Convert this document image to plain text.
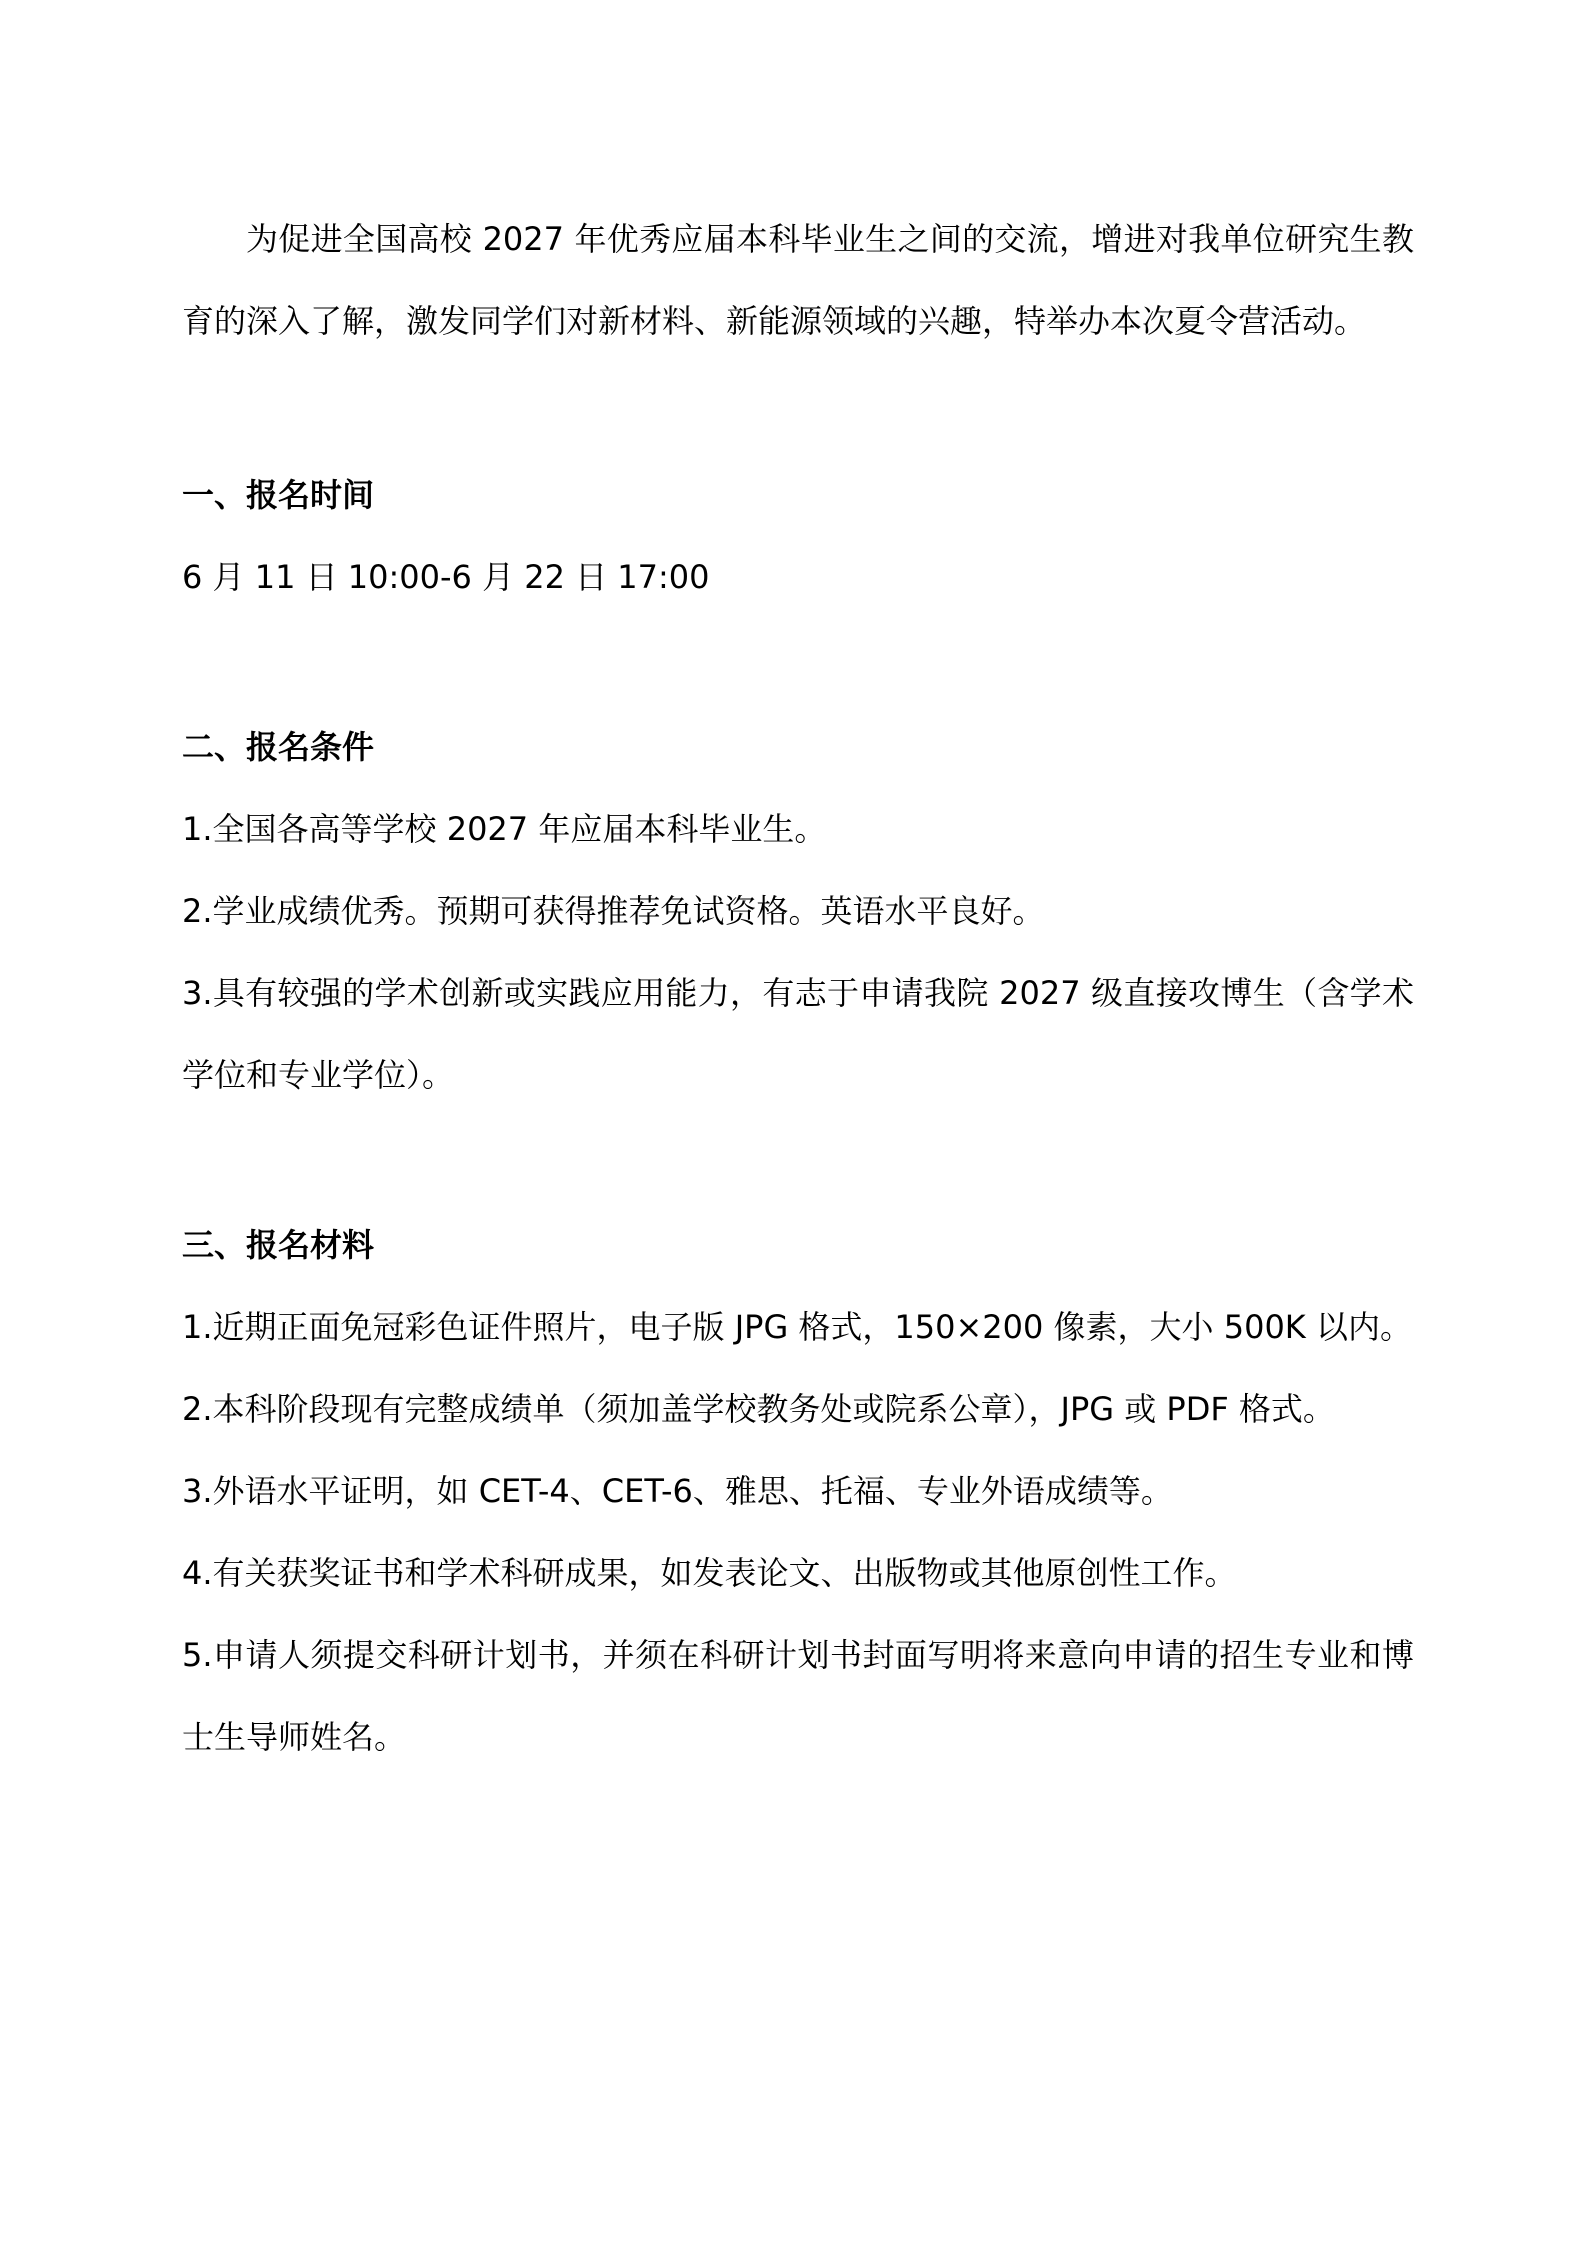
为促进全国高校 2027 年优秀应届本科毕业生之间的交流，增进对我单位研究生教育的深入了解，激发同学们对新材料、新能源领域的兴趣，特举办本次夏令营活动。

一、报名时间

6 月 11 日 10:00-6 月 22 日 17:00

二、报名条件

1.全国各高等学校 2027 年应届本科毕业生。

2.学业成绩优秀。预期可获得推荐免试资格。英语水平良好。

3.具有较强的学术创新或实践应用能力，有志于申请我院 2027 级直接攻博生（含学术学位和专业学位）。

三、报名材料

1.近期正面免冠彩色证件照片，电子版 JPG 格式，150×200 像素，大小 500K 以内。

2.本科阶段现有完整成绩单（须加盖学校教务处或院系公章），JPG 或 PDF 格式。

3.外语水平证明，如 CET-4、CET-6、雅思、托福、专业外语成绩等。

4.有关获奖证书和学术科研成果，如发表论文、出版物或其他原创性工作。

5.申请人须提交科研计划书，并须在科研计划书封面写明将来意向申请的招生专业和博士生导师姓名。
